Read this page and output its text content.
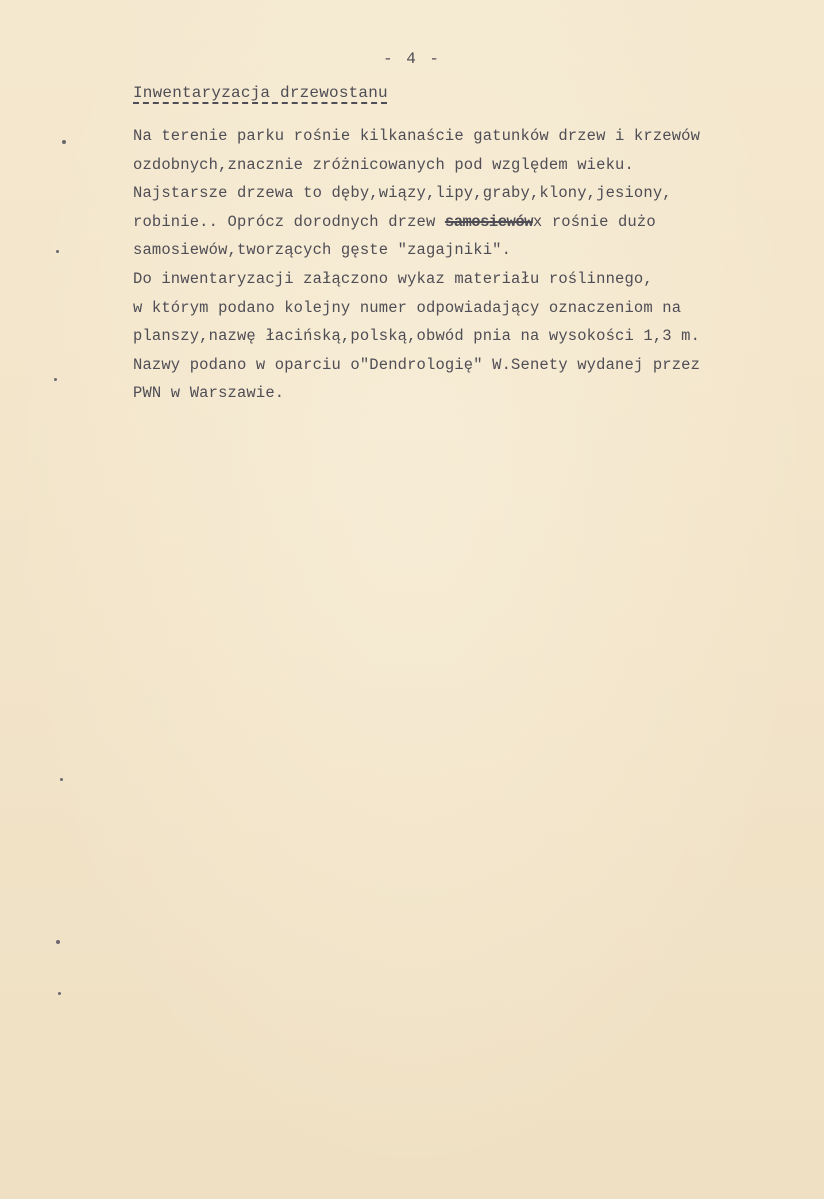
- 4 -
Inwentaryzacja drzewostanu
Na terenie parku rośnie kilkanaście gatunków drzew i krzewów
ozdobnych,znacznie zróżnicowanych pod względem wieku.
Najstarsze drzewa to dęby,wiązy,lipy,graby,klony,jesiony,
robinie.. Oprócz dorodnych drzew samosiewówx rośnie dużo
samosiewów,tworzących gęste "zagajniki".
Do inwentaryzacji załączono wykaz materiału roślinnego,
w którym podano kolejny numer odpowiadający oznaczeniom na
planszy,nazwę łacińską,polską,obwód pnia na wysokości 1,3 m.
Nazwy podano w oparciu o"Dendrologię" W.Senety wydanej przez
PWN w Warszawie.
